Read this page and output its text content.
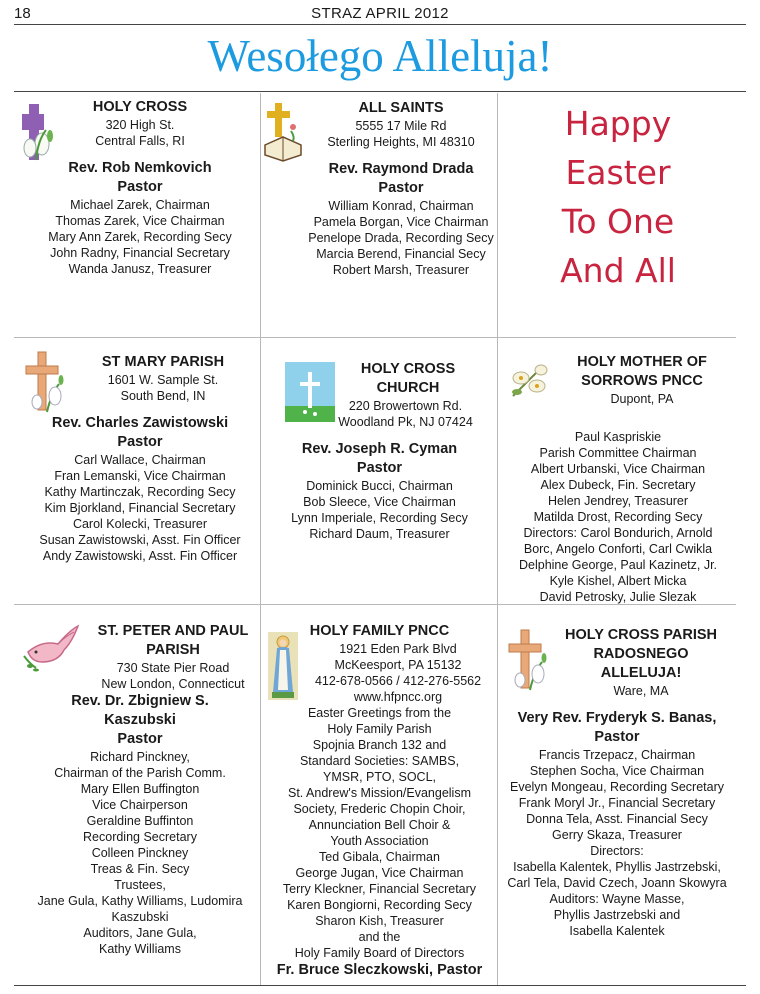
18	STRAZ APRIL 2012
Wesołego Alleluja!
HOLY CROSS
320 High St.
Central Falls, RI
Rev. Rob Nemkovich
Pastor
Michael Zarek, Chairman
Thomas Zarek, Vice Chairman
Mary Ann Zarek, Recording Secy
John Radny, Financial Secretary
Wanda Janusz, Treasurer
ALL SAINTS
5555 17 Mile Rd
Sterling Heights, MI 48310
Rev. Raymond Drada
Pastor
William Konrad, Chairman
Pamela Borgan, Vice Chairman
Penelope Drada, Recording Secy
Marcia Berend, Financial Secy
Robert Marsh, Treasurer
Happy
Easter
To One
And All
ST MARY PARISH
1601 W. Sample St.
South Bend, IN
Rev. Charles Zawistowski
Pastor
Carl Wallace, Chairman
Fran Lemanski, Vice Chairman
Kathy Martinczak, Recording Secy
Kim Bjorkland, Financial Secretary
Carol Kolecki, Treasurer
Susan Zawistowski, Asst. Fin Officer
Andy Zawistowski, Asst. Fin Officer
HOLY CROSS
CHURCH
220 Browertown Rd.
Woodland Pk, NJ 07424
Rev. Joseph R. Cyman
Pastor
Dominick Bucci, Chairman
Bob Sleece, Vice Chairman
Lynn Imperiale, Recording Secy
Richard Daum, Treasurer
HOLY MOTHER OF
SORROWS PNCC
Dupont, PA
Paul Kaspriskie
Parish Committee Chairman
Albert Urbanski, Vice Chairman
Alex Dubeck, Fin. Secretary
Helen Jendrey, Treasurer
Matilda Drost, Recording Secy
Directors: Carol Bondurich, Arnold
Borc, Angelo Conforti, Carl Cwikla
Delphine George, Paul Kazinetz, Jr.
Kyle Kishel, Albert Micka
David Petrosky, Julie Slezak
ST. PETER AND PAUL
PARISH
730 State Pier Road
New London, Connecticut
Rev. Dr. Zbigniew S.
Kaszubski
Pastor
Richard Pinckney,
Chairman of the Parish Comm.
Mary Ellen Buffington
Vice Chairperson
Geraldine Buffinton
Recording Secretary
Colleen Pinckney
Treas & Fin. Secy
Trustees,
Jane Gula, Kathy Williams, Ludomira
Kaszubski
Auditors, Jane Gula,
Kathy Williams
HOLY FAMILY PNCC
1921 Eden Park Blvd
McKeesport, PA 15132
412-678-0566 / 412-276-5562
www.hfpncc.org
Easter Greetings from the
Holy Family Parish
Spojnia Branch 132 and
Standard Societies: SAMBS,
YMSR, PTO, SOCL,
St. Andrew's Mission/Evangelism
Society, Frederic Chopin Choir,
Annunciation Bell Choir &
Youth Association
Ted Gibala, Chairman
George Jugan, Vice Chairman
Terry Kleckner, Financial Secretary
Karen Bongiorni, Recording Secy
Sharon Kish, Treasurer
and the
Holy Family Board of Directors
Fr. Bruce Sleczkowski, Pastor
HOLY CROSS PARISH
RADOSNEGO
ALLELUJA!
Ware, MA
Very Rev. Fryderyk S. Banas,
Pastor
Francis Trzepacz, Chairman
Stephen Socha, Vice Chairman
Evelyn Mongeau, Recording Secretary
Frank Moryl Jr., Financial Secretary
Donna Tela, Asst. Financial Secy
Gerry Skaza, Treasurer
Directors:
Isabella Kalentek, Phyllis Jastrzebski,
Carl Tela, David Czech, Joann Skowyra
Auditors: Wayne Masse,
Phyllis Jastrzebski and
Isabella Kalentek
